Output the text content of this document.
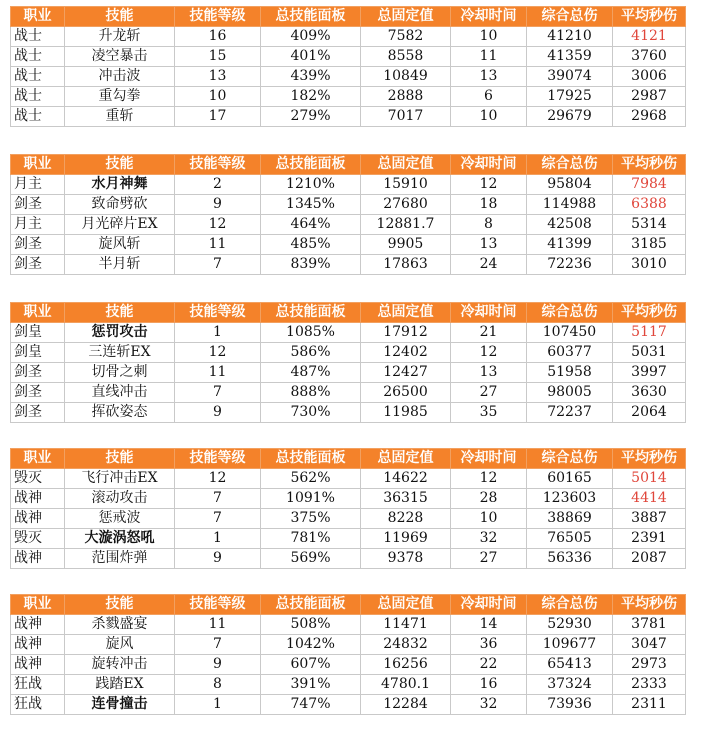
职业	技能	技能等级	总技能面板	总固定值	冷却时间	综合总伤	平均秒伤
战士	升龙斩	16	409%	7582	10	41210	4121
战士	凌空暴击	15	401%	8558	11	41359	3760
战士	冲击波	13	439%	10849	13	39074	3006
战士	重勾拳	10	182%	2888	6	17925	2987
战士	重斩	17	279%	7017	10	29679	2968
职业	技能	技能等级	总技能面板	总固定值	冷却时间	综合总伤	平均秒伤
月主	水月神舞	2	1210%	15910	12	95804	7984
剑圣	致命劈砍	9	1345%	27680	18	114988	6388
月主	月光碎片EX	12	464%	12881.7	8	42508	5314
剑圣	旋风斩	11	485%	9905	13	41399	3185
剑圣	半月斩	7	839%	17863	24	72236	3010
职业	技能	技能等级	总技能面板	总固定值	冷却时间	综合总伤	平均秒伤
剑皇	惩罚攻击	1	1085%	17912	21	107450	5117
剑皇	三连斩EX	12	586%	12402	12	60377	5031
剑圣	切骨之刺	11	487%	12427	13	51958	3997
剑圣	直线冲击	7	888%	26500	27	98005	3630
剑圣	挥砍姿态	9	730%	11985	35	72237	2064
职业	技能	技能等级	总技能面板	总固定值	冷却时间	综合总伤	平均秒伤
毁灭	飞行冲击EX	12	562%	14622	12	60165	5014
战神	滚动攻击	7	1091%	36315	28	123603	4414
战神	惩戒波	7	375%	8228	10	38869	3887
毁灭	大漩涡怒吼	1	781%	11969	32	76505	2391
战神	范围炸弹	9	569%	9378	27	56336	2087
职业	技能	技能等级	总技能面板	总固定值	冷却时间	综合总伤	平均秒伤
战神	杀戮盛宴	11	508%	11471	14	52930	3781
战神	旋风	7	1042%	24832	36	109677	3047
战神	旋转冲击	9	607%	16256	22	65413	2973
狂战	践踏EX	8	391%	4780.1	16	37324	2333
狂战	连骨撞击	1	747%	12284	32	73936	2311
